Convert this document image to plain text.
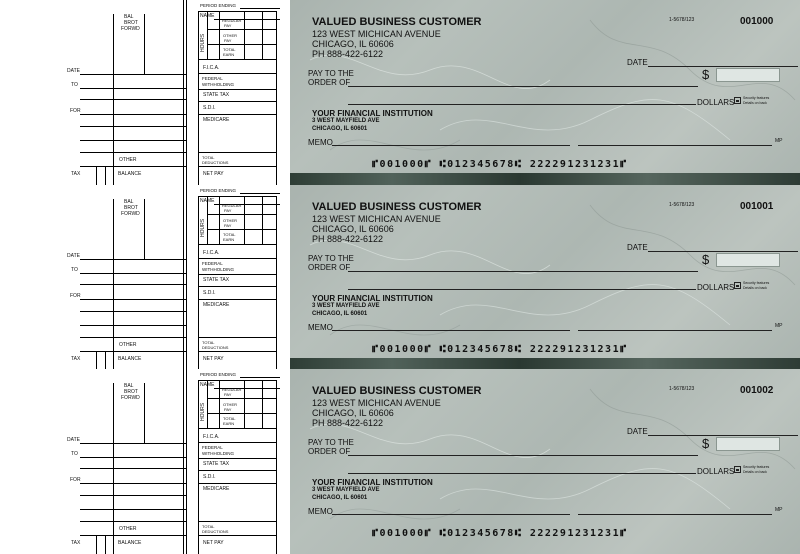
PERIOD ENDING
NAME
BAL
BROT
FORWD
HOURS
REGULAR
PAY
OTHER
PAY
TOTAL
EARN
F.I.C.A.
FEDERAL
WITHHOLDING
STATE TAX
S.D.I.
MEDICARE
TOTAL
DEDUCTIONS
NET PAY
DATE
TO
FOR
OTHER
TAX	BALANCE
VALUED BUSINESS CUSTOMER
123 WEST MICHICAN AVENUE
CHICAGO, IL 60606
PH 888-422-6122
1-5678/123	001000
DATE
PAY TO THE
ORDER OF
$
DOLLARS Security features
Details on back
YOUR FINANCIAL INSTITUTION
3 WEST MAYFIELD AVE
CHICAGO, IL 60601
MEMO	MP
⑈001000⑈ ⑆012345678⑆ 222291231231⑈
PERIOD ENDING
NAME
BAL
BROT
FORWD
HOURS
REGULAR
PAY
OTHER
PAY
TOTAL
EARN
F.I.C.A.
FEDERAL
WITHHOLDING
STATE TAX
S.D.I.
MEDICARE
TOTAL
DEDUCTIONS
NET PAY
DATE
TO
FOR
OTHER
TAX	BALANCE
VALUED BUSINESS CUSTOMER
123 WEST MICHICAN AVENUE
CHICAGO, IL 60606
PH 888-422-6122
1-5678/123	001001
DATE
PAY TO THE
ORDER OF
$
DOLLARS Security features
Details on back
YOUR FINANCIAL INSTITUTION
3 WEST MAYFIELD AVE
CHICAGO, IL 60601
MEMO	MP
⑈001000⑈ ⑆012345678⑆ 222291231231⑈
PERIOD ENDING
NAME
BAL
BROT
FORWD
HOURS
REGULAR
PAY
OTHER
PAY
TOTAL
EARN
F.I.C.A.
FEDERAL
WITHHOLDING
STATE TAX
S.D.I.
MEDICARE
TOTAL
DEDUCTIONS
NET PAY
DATE
TO
FOR
OTHER
TAX	BALANCE
VALUED BUSINESS CUSTOMER
123 WEST MICHICAN AVENUE
CHICAGO, IL 60606
PH 888-422-6122
1-5678/123	001002
DATE
PAY TO THE
ORDER OF
$
DOLLARS Security features
Details on back
YOUR FINANCIAL INSTITUTION
3 WEST MAYFIELD AVE
CHICAGO, IL 60601
MEMO	MP
⑈001000⑈ ⑆012345678⑆ 222291231231⑈
